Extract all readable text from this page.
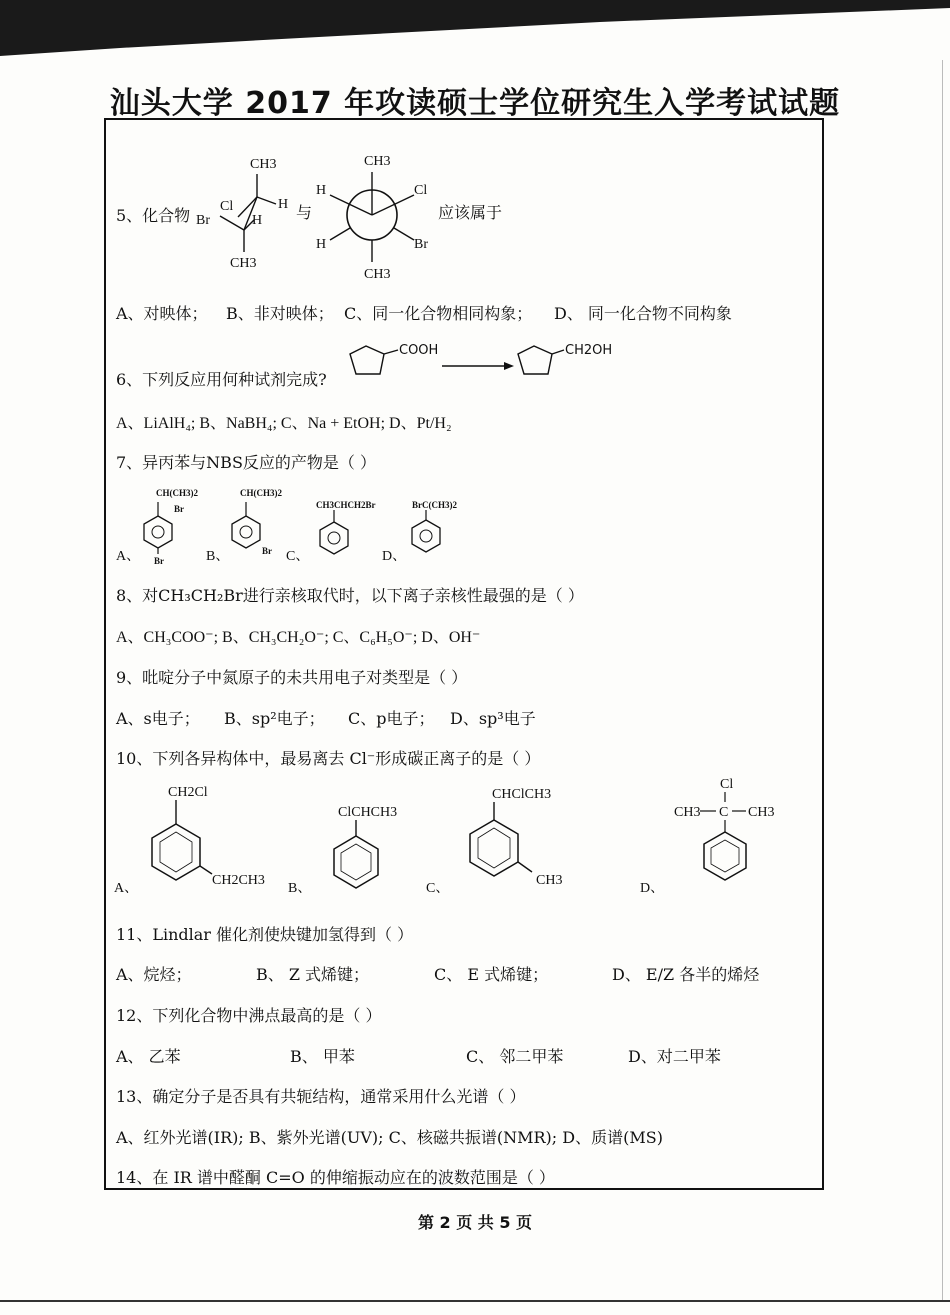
汕头大学 2017 年攻读硕士学位研究生入学考试试题
5、化合物
CH3
Cl	H
Br	H
CH3
与
CH3
H	Cl
H	Br
CH3
应该属于
A、对映体； B、非对映体； C、同一化合物相同构象； D、 同一化合物不同构象
6、下列反应用何种试剂完成?
COOH	CH2OH
A、LiAlH₄; B、NaBH₄; C、Na + EtOH; D、Pt/H₂
7、异丙苯与NBS反应的产物是（ ）
A、
CH(CH3)2
Br
Br	B、
CH(CH3)2
Br C、
CH3CHCH2Br
D、
BrC(CH3)2
8、对CH₃CH₂Br进行亲核取代时，以下离子亲核性最强的是（ ）
A、CH₃COO⁻; B、CH₃CH₂O⁻; C、C₆H₅O⁻; D、OH⁻
9、吡啶分子中氮原子的未共用电子对类型是（ ）
A、s电子； B、sp²电子； C、p电子； D、sp³电子
10、下列各异构体中，最易离去 Cl⁻形成碳正离子的是（ ）
A、
CH2Cl
CH2CH3
B、
ClCHCH3
C、
CHClCH3
CH3
D、
Cl
CH3 C CH3
11、Lindlar 催化剂使炔键加氢得到（ ）
A、烷烃；	B、 Z 式烯键；	C、 E 式烯键；	D、 E/Z 各半的烯烃
12、下列化合物中沸点最高的是（ ）
A、 乙苯	B、 甲苯	C、 邻二甲苯	D、对二甲苯
13、确定分子是否具有共轭结构，通常采用什么光谱（ ）
A、红外光谱(IR); B、紫外光谱(UV); C、核磁共振谱(NMR); D、质谱(MS)
14、在 IR 谱中醛酮 C=O 的伸缩振动应在的波数范围是（ ）
第 2 页 共 5 页
